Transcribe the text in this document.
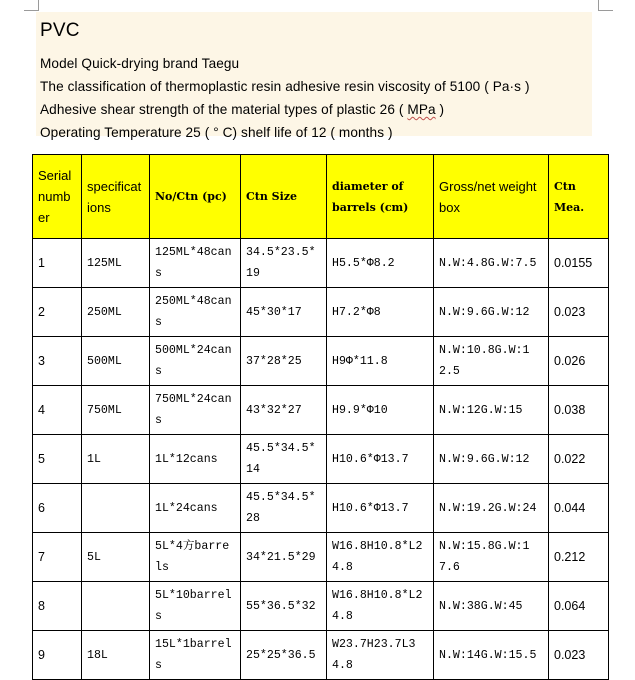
PVC
Model Quick-drying brand Taegu
The classification of thermoplastic resin adhesive resin viscosity of 5100 ( Pa·s )
Adhesive shear strength of the material types of plastic 26 ( MPa )
Operating Temperature 25 ( ° C) shelf life of 12 ( months )
Serial number	specifications	No/Ctn (pc)	Ctn Size	diameter of barrels (cm)	Gross/net weight box	Ctn Mea.
1	125ML	125ML*48cans	34.5*23.5*19	H5.5*Φ8.2	N.W:4.8G.W:7.5	0.0155
2	250ML	250ML*48cans	45*30*17	H7.2*Φ8	N.W:9.6G.W:12	0.023
3	500ML	500ML*24cans	37*28*25	H9Φ*11.8	N.W:10.8G.W:12.5	0.026
4	750ML	750ML*24cans	43*32*27	H9.9*Φ10	N.W:12G.W:15	0.038
5	1L	1L*12cans	45.5*34.5*14	H10.6*Φ13.7	N.W:9.6G.W:12	0.022
6		1L*24cans	45.5*34.5*28	H10.6*Φ13.7	N.W:19.2G.W:24	0.044
7	5L	5L*4方barrels	34*21.5*29	W16.8H10.8*L24.8	N.W:15.8G.W:17.6	0.212
8		5L*10barrels	55*36.5*32	W16.8H10.8*L24.8	N.W:38G.W:45	0.064
9	18L	15L*1barrels	25*25*36.5	W23.7H23.7L34.8	N.W:14G.W:15.5	0.023
